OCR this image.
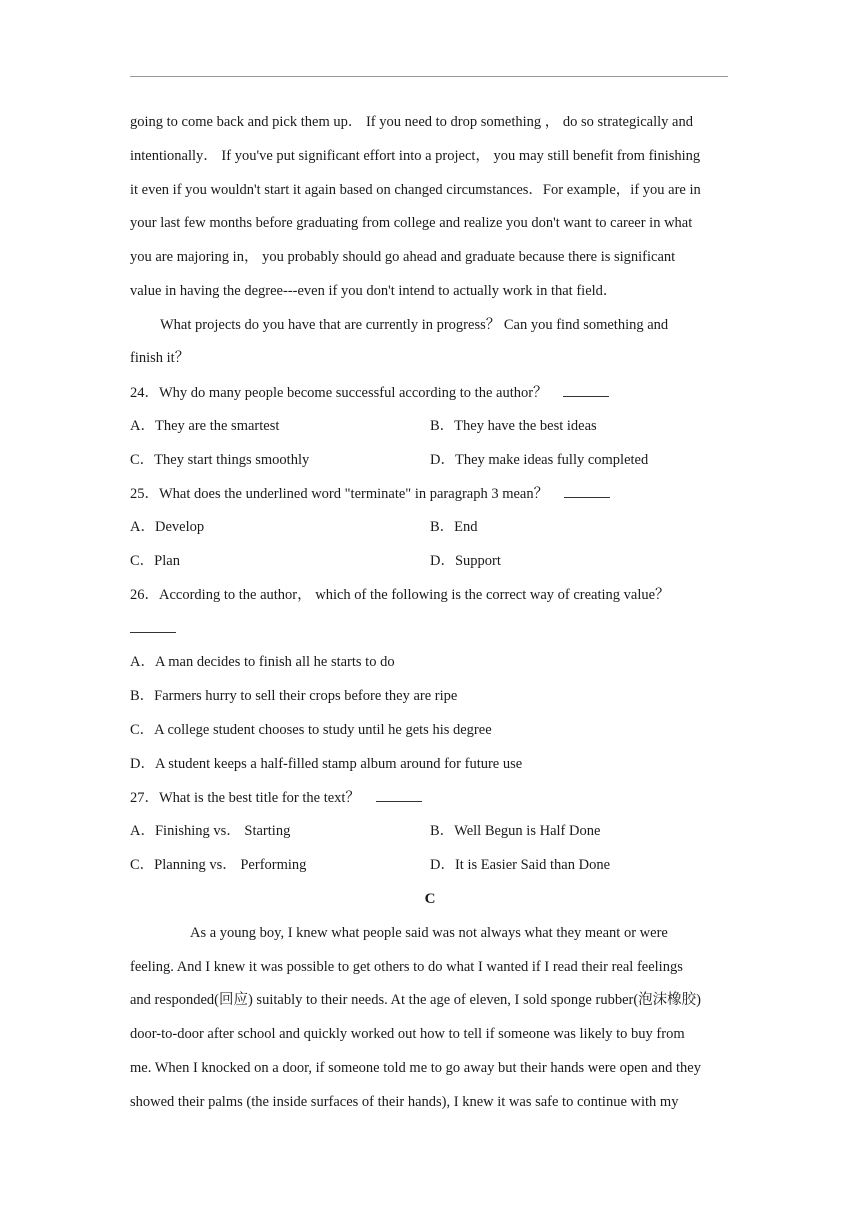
going to come back and pick them up． If you need to drop something ， do so strategically and
intentionally． If you've put significant effort into a project， you may still benefit from finishing
it even if you wouldn't start it again based on changed circumstances．For example，if you are in
your last few months before graduating from college and realize you don't want to career in what
you are majoring in， you probably should go ahead and graduate because there is significant
value in having the degree---even if you don't intend to actually work in that field．
What projects do you have that are currently in progress？ Can you find something and
finish it？
24．Why do many people become successful according to the author？
A．They are the smartest	B．They have the best ideas
C．They start things smoothly	D．They make ideas fully completed
25．What does the underlined word "terminate" in paragraph 3 mean？
A．Develop	B．End
C．Plan	D．Support
26．According to the author， which of the following is the correct way of creating value？
A．A man decides to finish all he starts to do
B．Farmers hurry to sell their crops before they are ripe
C．A college student chooses to study until he gets his degree
D．A student keeps a half-filled stamp album around for future use
27．What is the best title for the text？
A．Finishing vs． Starting	B．Well Begun is Half Done
C．Planning vs． Performing	D．It is Easier Said than Done
C
As a young boy, I knew what people said was not always what they meant or were
feeling. And I knew it was possible to get others to do what I wanted if I read their real feelings
and responded(回应) suitably to their needs. At the age of eleven, I sold sponge rubber(泡沫橡胶)
door-to-door after school and quickly worked out how to tell if someone was likely to buy from
me. When I knocked on a door, if someone told me to go away but their hands were open and they
showed their palms (the inside surfaces of their hands), I knew it was safe to continue with my
